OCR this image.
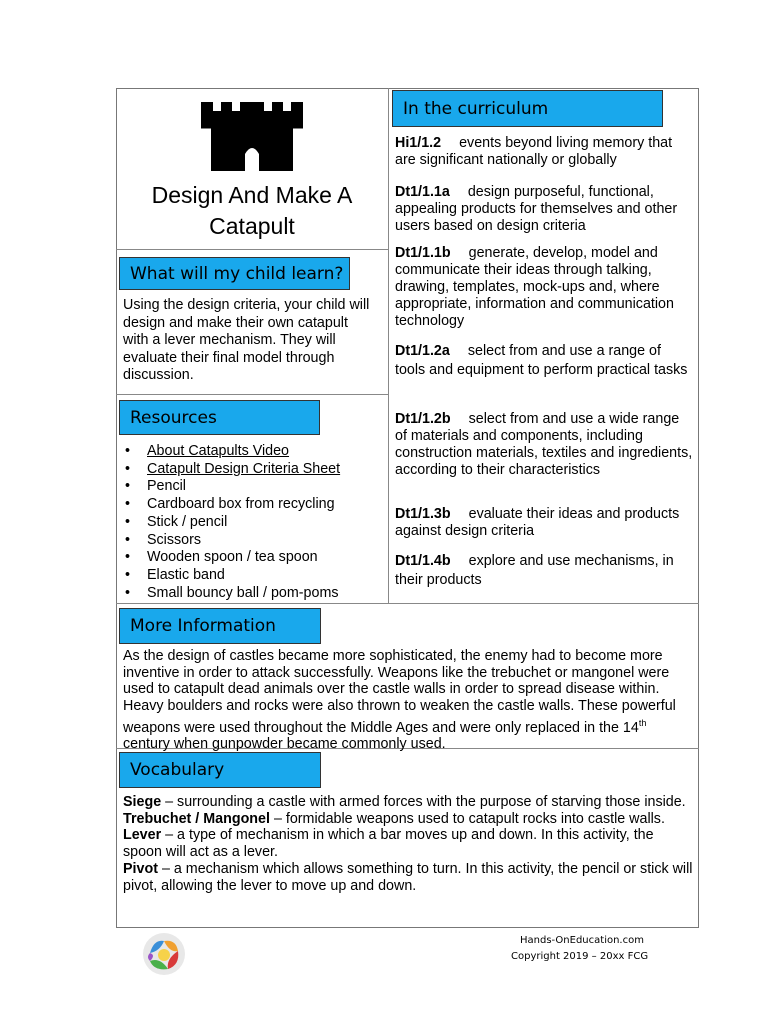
Design And Make A
Catapult
What will my child learn?
Using the design criteria, your child will design and make their own catapult with a lever mechanism. They will evaluate their final model through discussion.
Resources
• About Catapults Video
• Catapult Design Criteria Sheet
• Pencil
• Cardboard box from recycling
• Stick / pencil
• Scissors
• Wooden spoon / tea spoon
• Elastic band
• Small bouncy ball / pom-poms
In the curriculum
Hi1/1.2 events beyond living memory that are significant nationally or globally
Dt1/1.1a design purposeful, functional, appealing products for themselves and other users based on design criteria
Dt1/1.1b generate, develop, model and communicate their ideas through talking, drawing, templates, mock-ups and, where appropriate, information and communication technology
Dt1/1.2a select from and use a range of tools and equipment to perform practical tasks
Dt1/1.2b select from and use a wide range of materials and components, including construction materials, textiles and ingredients, according to their characteristics
Dt1/1.3b evaluate their ideas and products against design criteria
Dt1/1.4b explore and use mechanisms, in their products
More Information
As the design of castles became more sophisticated, the enemy had to become more inventive in order to attack successfully. Weapons like the trebuchet or mangonel were used to catapult dead animals over the castle walls in order to spread disease within. Heavy boulders and rocks were also thrown to weaken the castle walls. These powerful weapons were used throughout the Middle Ages and were only replaced in the 14th century when gunpowder became commonly used.
Vocabulary

Siege – surrounding a castle with armed forces with the purpose of starving those inside.

Trebuchet / Mangonel – formidable weapons used to catapult rocks into castle walls.

Lever – a type of mechanism in which a bar moves up and down. In this activity, the spoon will act as a lever.

Pivot – a mechanism which allows something to turn. In this activity, the pencil or stick will pivot, allowing the lever to move up and down.

Hands-OnEducation.com
Copyright 2019 – 20xx FCG
